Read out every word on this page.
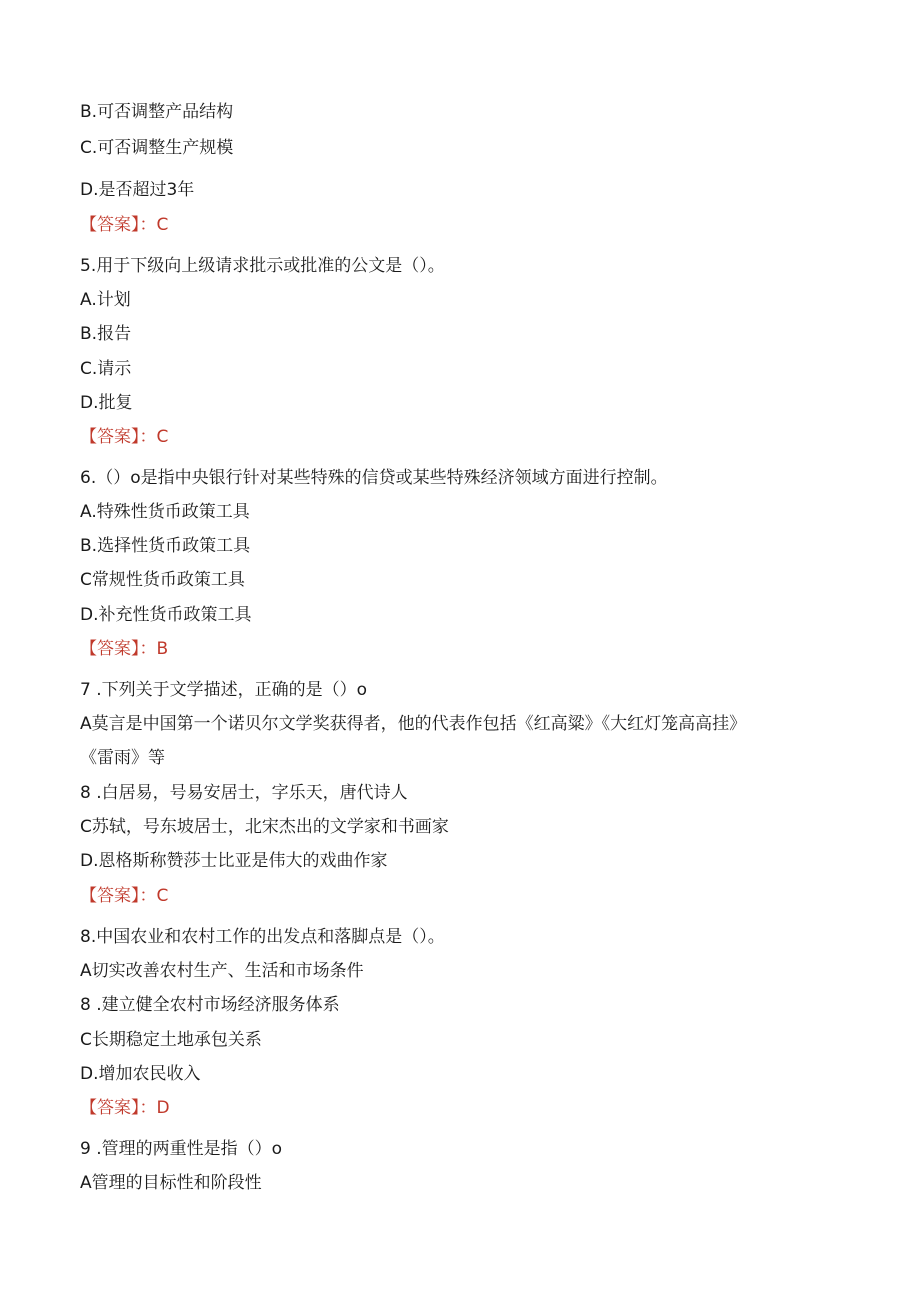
B.可否调整产品结构
C.可否调整生产规模
D.是否超过3年
【答案】：C
5.用于下级向上级请求批示或批准的公文是（）。
A.计划
B.报告
C.请示
D.批复
【答案】：C
6.（）o是指中央银行针对某些特殊的信贷或某些特殊经济领域方面进行控制。
A.特殊性货币政策工具
B.选择性货币政策工具
C常规性货币政策工具
D.补充性货币政策工具
【答案】：B
7 .下列关于文学描述，正确的是（）o
A莫言是中国第一个诺贝尔文学奖获得者，他的代表作包括《红高粱》《大红灯笼高高挂》
《雷雨》等
8 .白居易，号易安居士，字乐天，唐代诗人
C苏轼，号东坡居士，北宋杰出的文学家和书画家
D.恩格斯称赞莎士比亚是伟大的戏曲作家
【答案】：C
8.中国农业和农村工作的出发点和落脚点是（）。
A切实改善农村生产、生活和市场条件
8 .建立健全农村市场经济服务体系
C长期稳定土地承包关系
D.增加农民收入
【答案】：D
9 .管理的两重性是指（）o
A管理的目标性和阶段性
